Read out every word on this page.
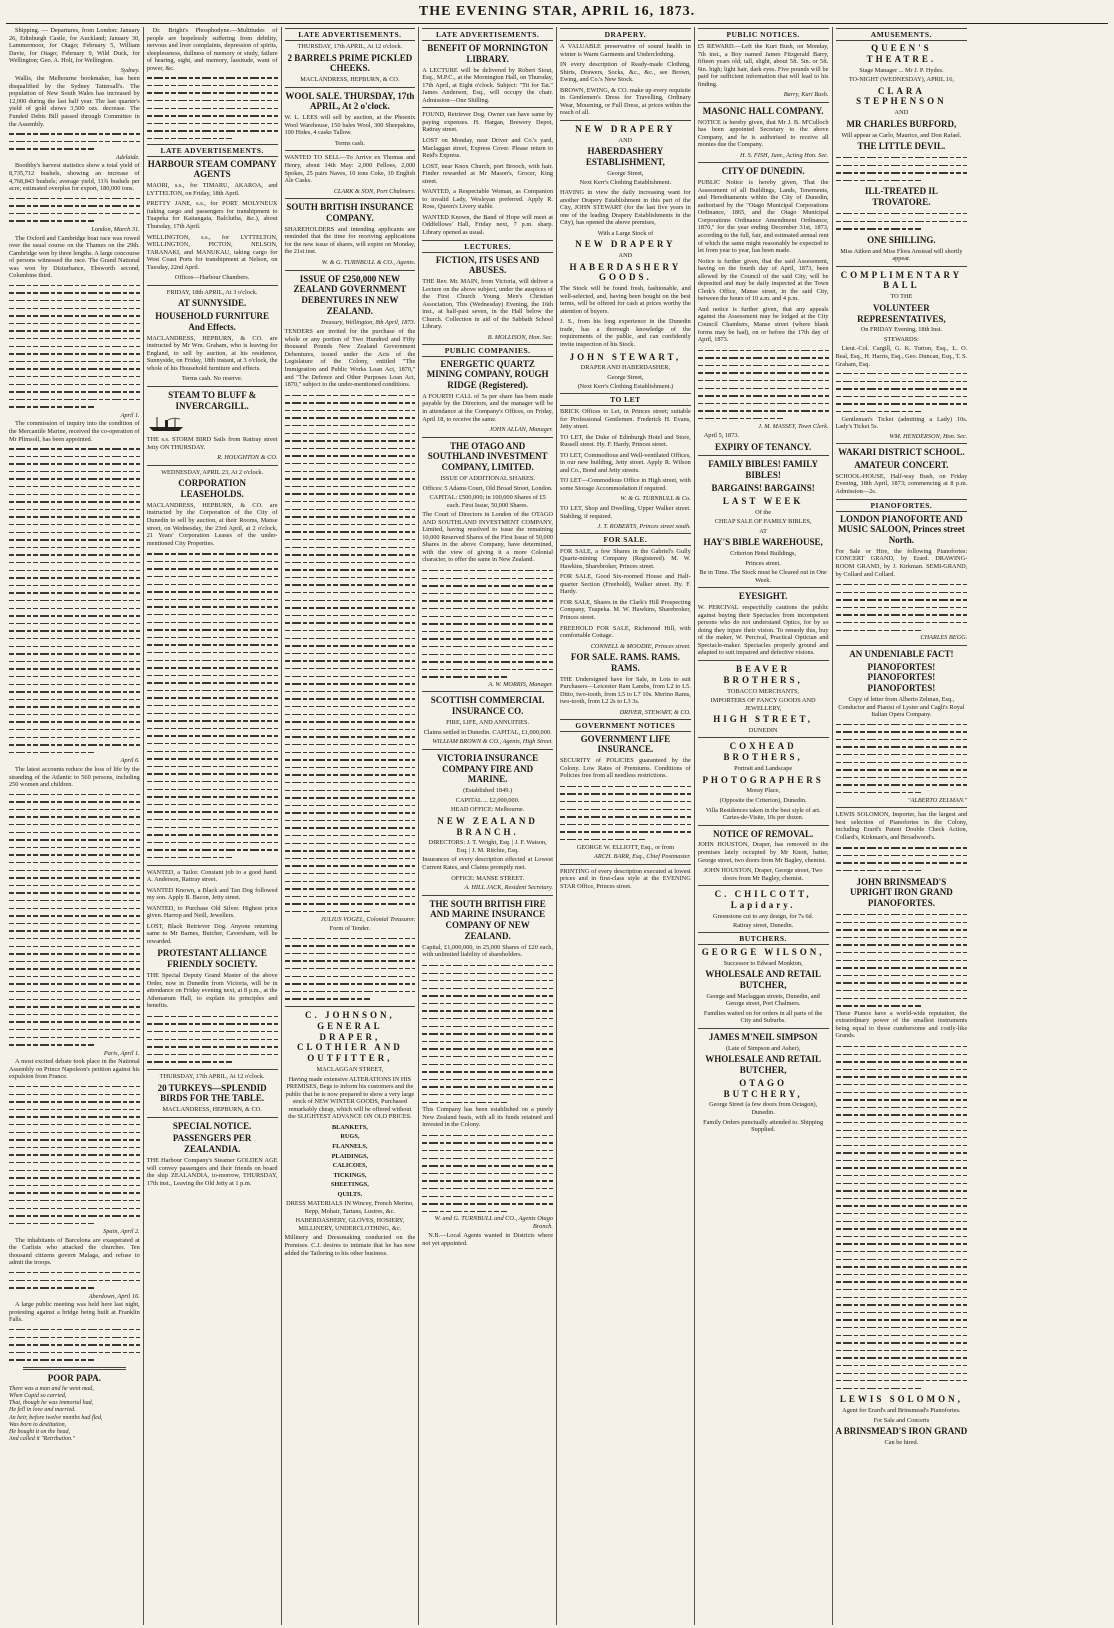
THE EVENING STAR, APRIL 16, 1873.

Shipping. — Departures, from London: January 26, Edinburgh Castle, for Auckland; January 30, Lammermoor, for Otago; February 5, William Davie, for Otago; February 9, Wild Duck, for Wellington; Geo. A. Holt, for Wellington.

Sydney.

Wallis, the Melbourne bookmaker, has been disqualified by the Sydney Tattersall's. The population of New South Wales has increased by 12,000 during the last half year. The last quarter's yield of gold shows 3,500 ozs. decrease. The Funded Debts Bill passed through Committee in the Assembly.

Adelaide.

Boothby's harvest statistics show a total yield of 8,735,712 bushels, showing an increase of 4,768,843 bushels; average yield, 11¾ bushels per acre; estimated overplus for export, 180,000 tons.

London, March 31.

The Oxford and Cambridge boat race was rowed over the usual course on the Thames on the 29th. Cambridge won by three lengths. A large concourse of persons witnessed the race. The Grand National was won by Disturbance, Ebsworth second, Columbine third.

April 1.

The commission of inquiry into the condition of the Mercantile Marine, received the co-operation of Mr Plimsoll, has been appointed.

April 6.

The latest accounts reduce the loss of life by the stranding of the Atlantic to 560 persons, including 250 women and children.

Paris, April 1.

A most excited debate took place in the National Assembly on Prince Napoleon's petition against his expulsion from France.

Spain, April 2.

The inhabitants of Barcelona are exasperated at the Carlists who attacked the churches. Ten thousand citizens govern Malaga, and refuse to admit the troops.

Aberdown, April 16.

A large public meeting was held here last night, protesting against a bridge being built at Franklin Falls.

POOR PAPA.

There was a man and he went mad,

When Cupid so carried,

That, though he was immortal had,

He fell in love and married.

An heir, before twelve months had fled,

Was born to destitution,

He bought it on the head,

And called it "Retribution."

Dr. Bright's Phosphodyne.—Multitudes of people are hopelessly suffering from debility, nervous and liver complaints, depression of spirits, sleeplessness, dullness of memory or study, failure of hearing, sight, and memory, lassitude, want of power, &c.

LATE ADVERTISEMENTS.
HARBOUR STEAM COMPANY AGENTS

MAORI, s.s., for TIMARU, AKAROA, and LYTTELTON, on Friday, 18th April.

PRETTY JANE, s.s., for PORT MOLYNEUX (taking cargo and passengers for transhipment to Tuapeka for Kaitangata, Balclutha, &c.), about Thursday, 17th April.

WELLINGTON, s.s., for LYTTELTON, WELLINGTON, PICTON, NELSON, TARANAKI, and MANUKAU, taking cargo for West Coast Ports for transhipment at Nelson, on Tuesday, 22nd April.

Offices—Harbour Chambers.

FRIDAY, 18th APRIL, At 3 o'clock.

AT SUNNYSIDE.
HOUSEHOLD FURNITURE And Effects.

MACLANDRESS, HEPBURN, & CO. are instructed by Mr Wm. Graham, who is leaving for England, to sell by auction, at his residence, Sunnyside, on Friday, 18th instant, at 3 o'clock, the whole of his Household furniture and effects.

Terms cash. No reserve.

STEAM TO BLUFF & INVERCARGILL.

THE s.s. STORM BIRD Sails from Rattray street Jetty ON THURSDAY.

R. HOUGHTON & CO.

WEDNESDAY, APRIL 23, At 2 o'clock.

CORPORATION LEASEHOLDS.

MACLANDRESS, HEPBURN, & CO. are instructed by the Corporation of the City of Dunedin to sell by auction, at their Rooms, Manse street, on Wednesday, the 23rd April, at 2 o'clock, 21 Years' Corporation Leases of the under-mentioned City Properties.

WANTED, a Tailor. Constant job to a good hand. A. Anderson, Rattray street.

WANTED Known, a Black and Tan Dog followed my son. Apply B. Bacon, Jetty street.

WANTED, to Purchase Old Silver. Highest price given. Harrop and Neill, Jewellers.

LOST, Black Retriever Dog. Anyone returning same to Mr Barnes, Butcher, Caversham, will be rewarded.

PROTESTANT ALLIANCE FRIENDLY SOCIETY.

THE Special Deputy Grand Master of the above Order, now in Dunedin from Victoria, will be in attendance on Friday evening next, at 8 p.m., at the Athenaeum Hall, to explain its principles and benefits.

THURSDAY, 17th APRIL, At 12 o'clock.

20 TURKEYS—SPLENDID BIRDS FOR THE TABLE.

MACLANDRESS, HEPBURN, & CO.

SPECIAL NOTICE.
PASSENGERS PER ZEALANDIA.

THE Harbour Company's Steamer GOLDEN AGE will convey passengers and their friends on board the ship ZEALANDIA, to-morrow, THURSDAY, 17th inst., Leaving the Old Jetty at 1 p.m.

LATE ADVERTISEMENTS.

THURSDAY, 17th APRIL, At 12 o'clock.

2 BARRELS PRIME PICKLED CHEEKS.

MACLANDRESS, HEPBURN, & CO.

WOOL SALE. THURSDAY, 17th APRIL, At 2 o'clock.

W. L. LEES will sell by auction, at the Phoenix Wool Warehouse, 150 bales Wool, 300 Sheepskins, 100 Hides, 4 casks Tallow.

Terms cash.

WANTED TO SELL—To Arrive ex Thomas and Henry, about 14th May: 2,000 Felloes, 2,000 Spokes, 25 pairs Naves, 10 tons Coke, 10 English Ale Casks.

CLARK & SON, Port Chalmers.

SOUTH BRITISH INSURANCE COMPANY.

SHAREHOLDERS and intending applicants are reminded that the time for receiving applications for the new issue of shares, will expire on Monday, the 21st inst.

W. & G. TURNBULL & CO., Agents.

ISSUE OF £250,000 NEW ZEALAND GOVERNMENT DEBENTURES IN NEW ZEALAND.

Treasury, Wellington, 8th April, 1873.

TENDERS are invited for the purchase of the whole or any portion of Two Hundred and Fifty thousand Pounds New Zealand Government Debentures, issued under the Acts of the Legislature of the Colony, entitled "The Immigration and Public Works Loan Act, 1870," and "The Defence and Other Purposes Loan Act, 1870," subject to the under-mentioned conditions.

JULIUS VOGEL, Colonial Treasurer.

Form of Tender.

C. JOHNSON, GENERAL DRAPER, CLOTHIER AND OUTFITTER,

MACLAGGAN STREET,

Having made extensive ALTERATIONS IN HIS PREMISES, Begs to inform his customers and the public that he is now prepared to show a very large stock of NEW WINTER GOODS, Purchased remarkably cheap, which will be offered without the SLIGHTEST ADVANCE ON OLD PRICES.

BLANKETS,

RUGS,

FLANNELS,

PLAIDINGS,

CALICOES,

TICKINGS,

SHEETINGS,

QUILTS.

DRESS MATERIALS IN Wincey, French Merino, Repp, Mohair, Tartans, Lustres, &c.

HABERDASHERY, GLOVES, HOSIERY, MILLINERY, UNDERCLOTHING, &c.

Millinery and Dressmaking conducted on the Premises. C.J. desires to intimate that he has now added the Tailoring to his other business.

LATE ADVERTISEMENTS.
BENEFIT OF MORNINGTON LIBRARY.

A LECTURE will be delivered by Robert Stout, Esq., M.P.C., at the Mornington Hall, on Thursday, 17th April, at Eight o'clock. Subject: "Tit for Tat." James Anderson, Esq., will occupy the chair. Admission—One Shilling.

FOUND, Retriever Dog. Owner can have same by paying expenses. H. Hargan, Brewery Depot, Rattray street.

LOST on Monday, near Driver and Co.'s yard, Maclaggan street, Express Cover. Please return to Reid's Express.

LOST, near Knox Church, port Brooch, with hair. Finder rewarded at Mr Mason's, Grocer, King street.

WANTED, a Respectable Woman, as Companion to invalid Lady, Wesleyan preferred. Apply R. Ross, Queen's Livery stable.

WANTED Known, the Band of Hope will meet at Oddfellows' Hall, Friday next, 7 p.m. sharp. Library opened as usual.

LECTURES.
FICTION, ITS USES AND ABUSES.

THE Rev. Mr. MAIN, from Victoria, will deliver a Lecture on the above subject, under the auspices of the First Church Young Men's Christian Association, This (Wednesday) Evening, the 16th inst., at half-past seven, in the Hall below the Church. Collection in aid of the Sabbath School Library.

B. MOLLISON, Hon. Sec.

PUBLIC COMPANIES.
ENERGETIC QUARTZ MINING COMPANY, ROUGH RIDGE (Registered).

A FOURTH CALL of 5s per share has been made payable by the Directors, and the manager will be in attendance at the Company's Offices, on Friday, April 18, to receive the same.

JOHN ALLAN, Manager.

THE OTAGO AND SOUTHLAND INVESTMENT COMPANY, LIMITED.

ISSUE OF ADDITIONAL SHARES.

Offices: 5 Adams Court, Old Broad Street, London.

CAPITAL: £500,000; in 100,000 Shares of £5 each. First Issue, 50,000 Shares.

The Court of Directors in London of the OTAGO AND SOUTHLAND INVESTMENT COMPANY, Limited, having resolved to issue the remaining 10,000 Reserved Shares of the First Issue of 50,000 Shares in the above Company, have determined, with the view of giving it a more Colonial character, to offer the same in New Zealand.

A. W. MORRIS, Manager.

SCOTTISH COMMERCIAL INSURANCE CO.

FIRE, LIFE, AND ANNUITIES.

Claims settled in Dunedin. CAPITAL, £1,000,000.

WILLIAM BROWN & CO., Agents, High Street.

VICTORIA INSURANCE COMPANY FIRE AND MARINE.

(Established 1849.)

CAPITAL ... £2,000,000.

HEAD OFFICE: Melbourne.

NEW ZEALAND BRANCH.

DIRECTORS: J. T. Wright, Esq. | J. F. Watson, Esq. | J. M. Ritchie, Esq.

Insurances of every description effected at Lowest Current Rates, and Claims promptly met.

OFFICE: MANSE STREET.

A. HILL JACK, Resident Secretary.

THE SOUTH BRITISH FIRE AND MARINE INSURANCE COMPANY OF NEW ZEALAND.

Capital, £1,000,000, in 25,000 Shares of £20 each, with unlimited liability of shareholders.

This Company has been established on a purely New Zealand basis, with all its funds retained and invested in the Colony.

W. and G. TURNBULL and CO., Agents Otago Branch.

N.B.—Local Agents wanted in Districts where not yet appointed.

DRAPERY.

A VALUABLE preservative of sound health in winter is Warm Garments and Underclothing.

IN every description of Ready-made Clothing, Shirts, Drawers, Socks, &c., &c., see Brown, Ewing, and Co.'s New Stock.

BROWN, EWING, & CO. make up every requisite in Gentlemen's Dress for Travelling, Ordinary Wear, Mourning, or Full Dress, at prices within the reach of all.

NEW DRAPERY

AND

HABERDASHERY ESTABLISHMENT,

George Street,

Next Kerr's Clothing Establishment.

HAVING in view the daily increasing want for another Drapery Establishment in this part of the City, JOHN STEWART (for the last five years in one of the leading Drapery Establishments in the City), has opened the above premises,

With a Large Stock of

NEW DRAPERY

AND

HABERDASHERY GOODS.

The Stock will be found fresh, fashionable, and well-selected, and, having been bought on the best terms, will be offered for cash at prices worthy the attention of buyers.

J. S., from his long experience in the Dunedin trade, has a thorough knowledge of the requirements of the public, and can confidently invite inspection of his Stock.

JOHN STEWART,

DRAPER AND HABERDASHER,

George Street,

(Next Kerr's Clothing Establishment.)

TO LET

BRICK Offices to Let, in Princes street; suitable for Professional Gentlemen. Frederick H. Evans, Jetty street.

TO LET, the Duke of Edinburgh Hotel and Store, Russell street. Hy. F. Hardy, Princes street.

TO LET, Commodious and Well-ventilated Offices, in our new building, Jetty street. Apply R. Wilson and Co., Bond and Jetty streets.

TO LET—Commodious Office in High street, with some Storage Accommodation if required.

W. & G. TURNBULL & Co.

TO LET, Shop and Dwelling, Upper Walker street. Stabling, if required.

J. T. ROBERTS, Princes street south.

FOR SALE.

FOR SALE, a few Shares in the Gabriel's Gully Quartz-mining Company (Registered). M. W. Hawkins, Sharebroker, Princes street.

FOR SALE, Good Six-roomed House and Half-quarter Section (Freehold), Walker street. Hy. F. Hardy.

FOR SALE, Shares in the Clark's Hill Prospecting Company, Tuapeka. M. W. Hawkins, Sharebroker, Princes street.

FREEHOLD FOR SALE, Richmond Hill, with comfortable Cottage.

CONNELL & MOODIE, Princes street.

FOR SALE. RAMS. RAMS. RAMS.

THE Undersigned have for Sale, in Lots to suit Purchasers—Leicester Ram Lambs, from L2 to L5. Ditto, two-tooth, from L5 to L7 10s. Merino Rams, two-tooth, from L2 2s to L3 3s.

DRIVER, STEWART, & CO.

GOVERNMENT NOTICES
GOVERNMENT LIFE INSURANCE.

SECURITY of POLICIES guaranteed by the Colony. Low Rates of Premiums. Conditions of Policies free from all needless restrictions.

GEORGE W. ELLIOTT, Esq., or from

ARCH. BARR, Esq., Chief Postmaster.

PRINTING of every description executed at lowest prices and in first-class style at the EVENING STAR Office, Princes street.

PUBLIC NOTICES.

£5 REWARD.—Left the Kuri Bush, on Monday, 7th inst., a Boy named James Fitzgerald Barry, fifteen years old; tall, slight, about 5ft. 5in. or 5ft. 6in. high; light hair, dark eyes. Five pounds will be paid for sufficient information that will lead to his finding.

Barry, Kuri Bush.

MASONIC HALL COMPANY.

NOTICE is hereby given, that Mr J. B. M'Culloch has been appointed Secretary to the above Company, and he is authorised to receive all monies due the Company.

H. S. FISH, Junr., Acting Hon. Sec.

CITY OF DUNEDIN.

PUBLIC Notice is hereby given, That the Assessment of all Buildings, Lands, Tenements, and Hereditaments within the City of Dunedin, authorised by the "Otago Municipal Corporations Ordinance, 1865, and the Otago Municipal Corporations Ordinance Amendment Ordinance, 1870," for the year ending December 31st, 1873, according to the full, fair, and estimated annual rent of which the same might reasonably be expected to let from year to year, has been made.

Notice is further given, that the said Assessment, having on the fourth day of April, 1873, been allowed by the Council of the said City, will be deposited and may be daily inspected at the Town Clerk's Office, Manse street, in the said City, between the hours of 10 a.m. and 4 p.m.

And notice is further given, that any appeals against the Assessment may be lodged at the City Council Chambers, Manse street (where blank forms may be had), on or before the 17th day of April, 1873.

J. M. MASSEY, Town Clerk.

April 5, 1873.

EXPIRY OF TENANCY.
FAMILY BIBLES! FAMILY BIBLES!
BARGAINS! BARGAINS!
LAST WEEK

Of the

CHEAP SALE OF FAMILY BIBLES,

AT

HAY'S BIBLE WAREHOUSE,

Criterion Hotel Buildings,

Princes street.

Be in Time. The Stock must be Cleared out in One Week.

EYESIGHT.

W. PERCIVAL respectfully cautions the public against buying their Spectacles from incompetent persons who do not understand Optics, for by so doing they injure their vision. To remedy this, buy of the maker, W. Percival, Practical Optician and Spectacle-maker. Spectacles properly ground and adapted to suit impaired and defective visions.

BEAVER BROTHERS,

TOBACCO MERCHANTS,

IMPORTERS OF FANCY GOODS AND JEWELLERY,

HIGH STREET,

DUNEDIN

COXHEAD BROTHERS,

Portrait and Landscape

PHOTOGRAPHERS

Moray Place,

(Opposite the Criterion), Dunedin.

Villa Residences taken in the best style of art. Cartes-de-Visite, 10s per dozen.

NOTICE OF REMOVAL.

JOHN HOUSTON, Draper, has removed to the premises lately occupied by Mr Knott, hatter, George street, two doors from Mr Bagley, chemist.

JOHN HOUSTON, Draper, George street, Two doors from Mr Bagley, chemist.

C. CHILCOTT, Lapidary.

Greenstone cut to any design, for 7s 6d.

Rattray street, Dunedin.

BUTCHERS.
GEORGE WILSON,

Successor to Edward Monkton,

WHOLESALE AND RETAIL BUTCHER,

George and Maclaggan streets, Dunedin, and George street, Port Chalmers.

Families waited on for orders in all parts of the City and Suburbs.

JAMES M'NEIL SIMPSON

(Late of Simpson and Asher),

WHOLESALE AND RETAIL BUTCHER,
OTAGO BUTCHERY,

George Street (a few doors from Octagon), Dunedin.

Family Orders punctually attended to. Shipping Supplied.

AMUSEMENTS.
QUEEN'S THEATRE.

Stage Manager ... Mr J. P. Hydes.

TO-NIGHT (WEDNESDAY), APRIL 16,

CLARA STEPHENSON

AND

MR CHARLES BURFORD,

Will appear as Carlo, Maurice, and Don Rafael.

THE LITTLE DEVIL.
ILL-TREATED IL TROVATORE.
ONE SHILLING.

Miss Aitken and Miss Flora Anstead will shortly appear.

COMPLIMENTARY BALL

TO THE

VOLUNTEER REPRESENTATIVES,

On FRIDAY Evening, 18th Inst.

STEWARDS:

Lieut.-Col. Cargill, G. K. Turton, Esq., L. O. Beal, Esq., H. Harris, Esq., Geo. Duncan, Esq., T. S. Graham, Esq.

Gentleman's Ticket (admitting a Lady) 10s. Lady's Ticket 5s.

WM. HENDERSON, Hon. Sec.

WAKARI DISTRICT SCHOOL.
AMATEUR CONCERT.

SCHOOL-HOUSE, Half-way Bush, on Friday Evening, 18th April, 1873; commencing at 8 p.m. Admission—2s.

PIANOFORTES.
LONDON PIANOFORTE AND MUSIC SALOON, Princes street North.

For Sale or Hire, the following Pianofortes: CONCERT GRAND, by Erard. DRAWING-ROOM GRAND, by J. Kirkman. SEMI-GRAND, by Collard and Collard.

CHARLES BEGG.

AN UNDENIABLE FACT!
PIANOFORTES! PIANOFORTES! PIANOFORTES!

Copy of letter from Alberto Zelman, Esq., Conductor and Pianist of Lyster and Cagli's Royal Italian Opera Company.

"ALBERTO ZELMAN."

LEWIS SOLOMON, Importer, has the largest and best selection of Pianofortes in the Colony, including Erard's Patent Double Check Action, Collard's, Kirkman's, and Broadwood's.

JOHN BRINSMEAD'S UPRIGHT IRON GRAND PIANOFORTES.

These Pianos have a world-wide reputation, the extraordinary power of the smallest instruments being equal to those cumbersome and costly-like Grands.

LEWIS SOLOMON,

Agent for Erard's and Brinsmead's Pianofortes.

For Sale and Concerts

A BRINSMEAD'S IRON GRAND

Can be hired.
